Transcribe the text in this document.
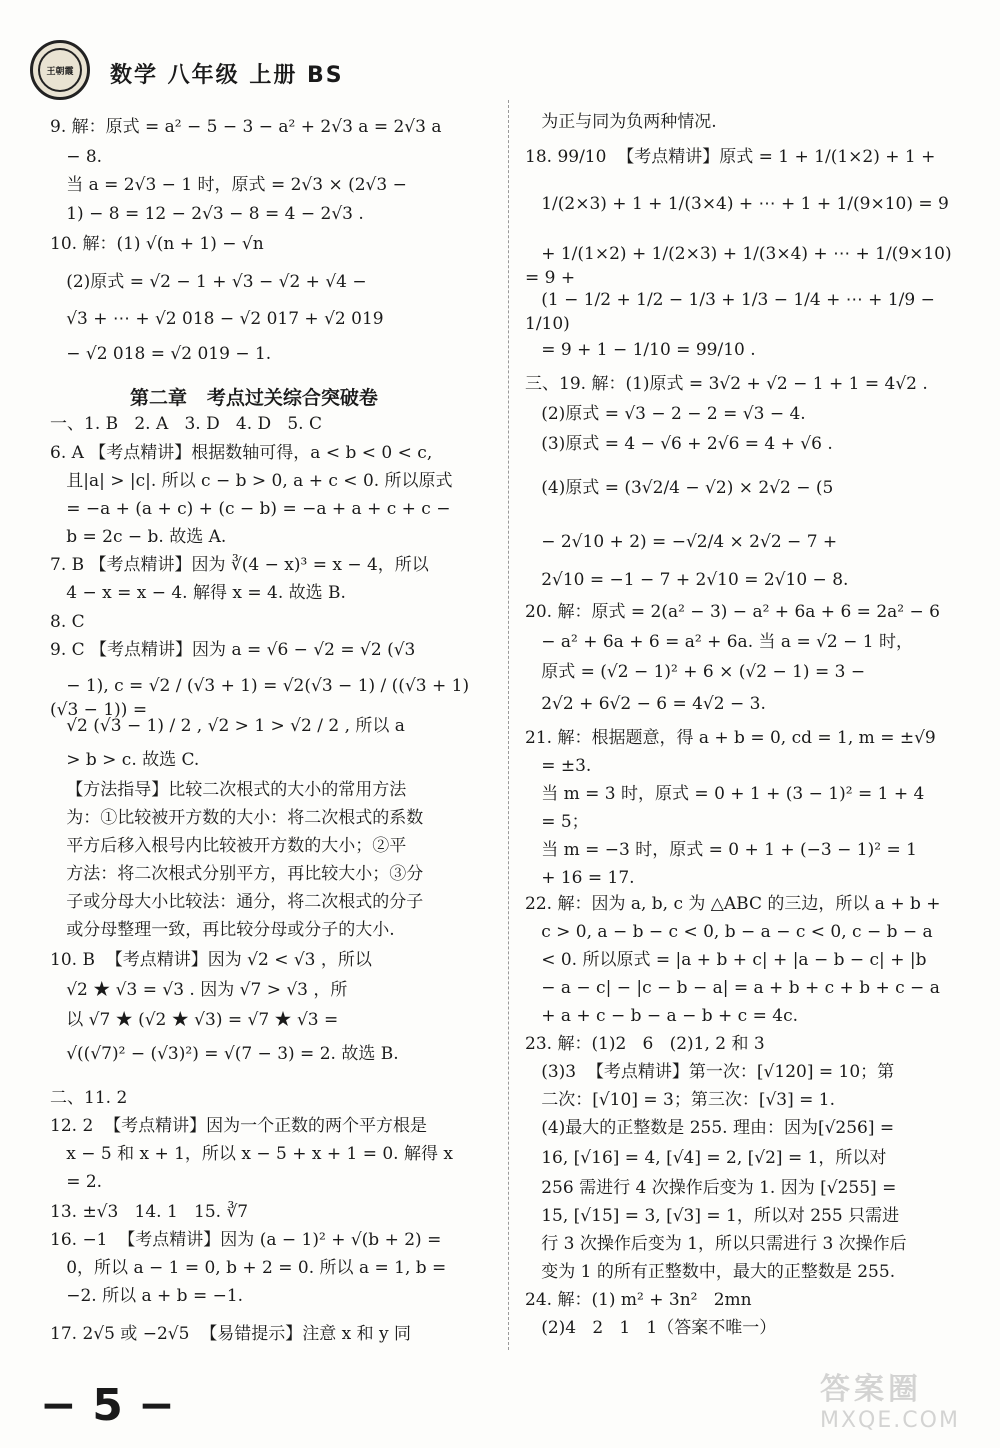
王朝霞	数学 八年级 上册 BS
9. 解：原式 = a² − 5 − 3 − a² + 2√3 a = 2√3 a
− 8.
当 a = 2√3 − 1 时，原式 = 2√3 × (2√3 −
1) − 8 = 12 − 2√3 − 8 = 4 − 2√3 .
10. 解：(1) √(n + 1) − √n
(2)原式 = √2 − 1 + √3 − √2 + √4 −
√3 + ⋯ + √2 018 − √2 017 + √2 019
− √2 018 = √2 019 − 1.
第二章   考点过关综合突破卷
一、1. B   2. A   3. D   4. D   5. C
6. A 【考点精讲】根据数轴可得，a < b < 0 < c,
且|a| > |c|. 所以 c − b > 0, a + c < 0. 所以原式
= −a + (a + c) + (c − b) = −a + a + c + c −
b = 2c − b. 故选 A.
7. B 【考点精讲】因为 ∛(4 − x)³ = x − 4，所以
4 − x = x − 4. 解得 x = 4. 故选 B.
8. C
9. C 【考点精讲】因为 a = √6 − √2 = √2 (√3
− 1), c = √2 / (√3 + 1) = √2(√3 − 1) / ((√3 + 1)(√3 − 1)) =
√2 (√3 − 1) / 2 , √2 > 1 > √2 / 2 , 所以 a
> b > c. 故选 C.
【方法指导】比较二次根式的大小的常用方法
为：①比较被开方数的大小：将二次根式的系数
平方后移入根号内比较被开方数的大小；②平
方法：将二次根式分别平方，再比较大小；③分
子或分母大小比较法：通分，将二次根式的分子
或分母整理一致，再比较分母或分子的大小.
10. B  【考点精讲】因为 √2 < √3 ，所以
√2 ★ √3 = √3 . 因为 √7 > √3 ，所
以 √7 ★ (√2 ★ √3) = √7 ★ √3 =
√((√7)² − (√3)²) = √(7 − 3) = 2. 故选 B.
二、11. 2
12. 2  【考点精讲】因为一个正数的两个平方根是
x − 5 和 x + 1，所以 x − 5 + x + 1 = 0. 解得 x
= 2.
13. ±√3   14. 1   15. ∛7
16. −1  【考点精讲】因为 (a − 1)² + √(b + 2) =
0，所以 a − 1 = 0, b + 2 = 0. 所以 a = 1, b =
−2. 所以 a + b = −1.
17. 2√5 或 −2√5  【易错提示】注意 x 和 y 同
为正与同为负两种情况.
18. 99/10  【考点精讲】原式 = 1 + 1/(1×2) + 1 +
1/(2×3) + 1 + 1/(3×4) + ⋯ + 1 + 1/(9×10) = 9
+ 1/(1×2) + 1/(2×3) + 1/(3×4) + ⋯ + 1/(9×10) = 9 +
(1 − 1/2 + 1/2 − 1/3 + 1/3 − 1/4 + ⋯ + 1/9 − 1/10)
= 9 + 1 − 1/10 = 99/10 .
三、19. 解：(1)原式 = 3√2 + √2 − 1 + 1 = 4√2 .
(2)原式 = √3 − 2 − 2 = √3 − 4.
(3)原式 = 4 − √6 + 2√6 = 4 + √6 .
(4)原式 = (3√2/4 − √2) × 2√2 − (5
− 2√10 + 2) = −√2/4 × 2√2 − 7 +
2√10 = −1 − 7 + 2√10 = 2√10 − 8.
20. 解：原式 = 2(a² − 3) − a² + 6a + 6 = 2a² − 6
− a² + 6a + 6 = a² + 6a. 当 a = √2 − 1 时，
原式 = (√2 − 1)² + 6 × (√2 − 1) = 3 −
2√2 + 6√2 − 6 = 4√2 − 3.
21. 解：根据题意，得 a + b = 0, cd = 1, m = ±√9
= ±3.
当 m = 3 时，原式 = 0 + 1 + (3 − 1)² = 1 + 4
= 5；
当 m = −3 时，原式 = 0 + 1 + (−3 − 1)² = 1
+ 16 = 17.
22. 解：因为 a, b, c 为 △ABC 的三边，所以 a + b +
c > 0, a − b − c < 0, b − a − c < 0, c − b − a
< 0. 所以原式 = |a + b + c| + |a − b − c| + |b
− a − c| − |c − b − a| = a + b + c + b + c − a
+ a + c − b − a − b + c = 4c.
23. 解：(1)2   6   (2)1, 2 和 3
(3)3  【考点精讲】第一次：[√120] = 10；第
二次：[√10] = 3；第三次：[√3] = 1.
(4)最大的正整数是 255. 理由：因为[√256] =
16, [√16] = 4, [√4] = 2, [√2] = 1，所以对
256 需进行 4 次操作后变为 1. 因为 [√255] =
15, [√15] = 3, [√3] = 1，所以对 255 只需进
行 3 次操作后变为 1，所以只需进行 3 次操作后
变为 1 的所有正整数中，最大的正整数是 255.
24. 解：(1) m² + 3n²   2mn
(2)4   2   1   1（答案不唯一）
− 5 −	答案圈
MXQE.COM
